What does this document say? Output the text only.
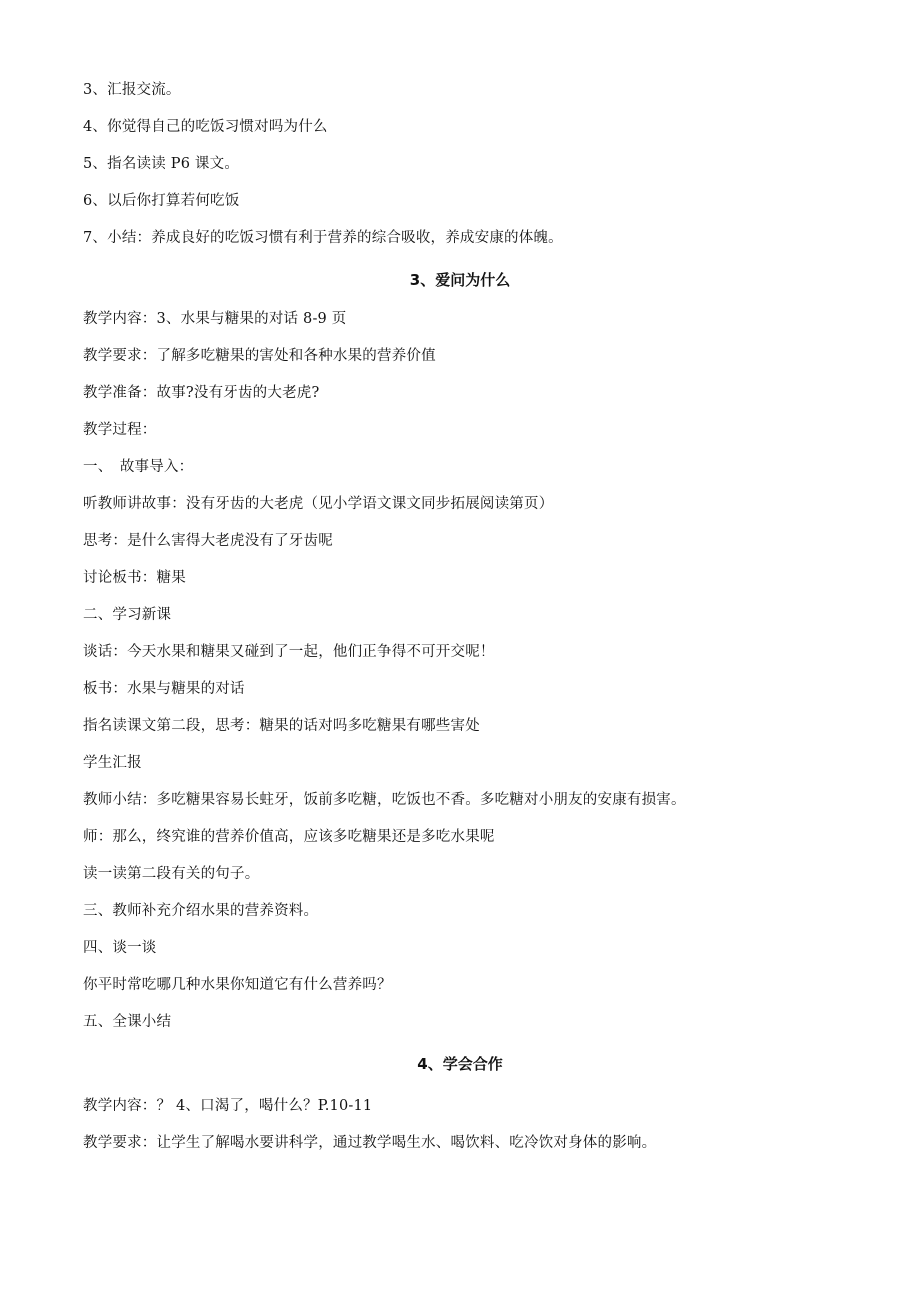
3、汇报交流。
4、你觉得自己的吃饭习惯对吗为什么
5、指名读读 P6 课文。
6、以后你打算若何吃饭
7、小结：养成良好的吃饭习惯有利于营养的综合吸收，养成安康的体魄。
3、爱问为什么
教学内容：3、水果与糖果的对话 8-9 页
教学要求：了解多吃糖果的害处和各种水果的营养价值
教学准备：故事?没有牙齿的大老虎?
教学过程：
一、　故事导入：
听教师讲故事：没有牙齿的大老虎（见小学语文课文同步拓展阅读第页）
思考：是什么害得大老虎没有了牙齿呢
讨论板书：糖果
二、学习新课
谈话：今天水果和糖果又碰到了一起，他们正争得不可开交呢！
板书：水果与糖果的对话
指名读课文第二段，思考：糖果的话对吗多吃糖果有哪些害处
学生汇报
教师小结：多吃糖果容易长蛀牙，饭前多吃糖，吃饭也不香。多吃糖对小朋友的安康有损害。
师：那么，终究谁的营养价值高，应该多吃糖果还是多吃水果呢
读一读第二段有关的句子。
三、教师补充介绍水果的营养资料。
四、谈一谈
你平时常吃哪几种水果你知道它有什么营养吗？
五、全课小结
4、学会合作
教学内容：？ 4、口渴了，喝什么？P.10-11
教学要求：让学生了解喝水要讲科学，通过教学喝生水、喝饮料、吃冷饮对身体的影响。
